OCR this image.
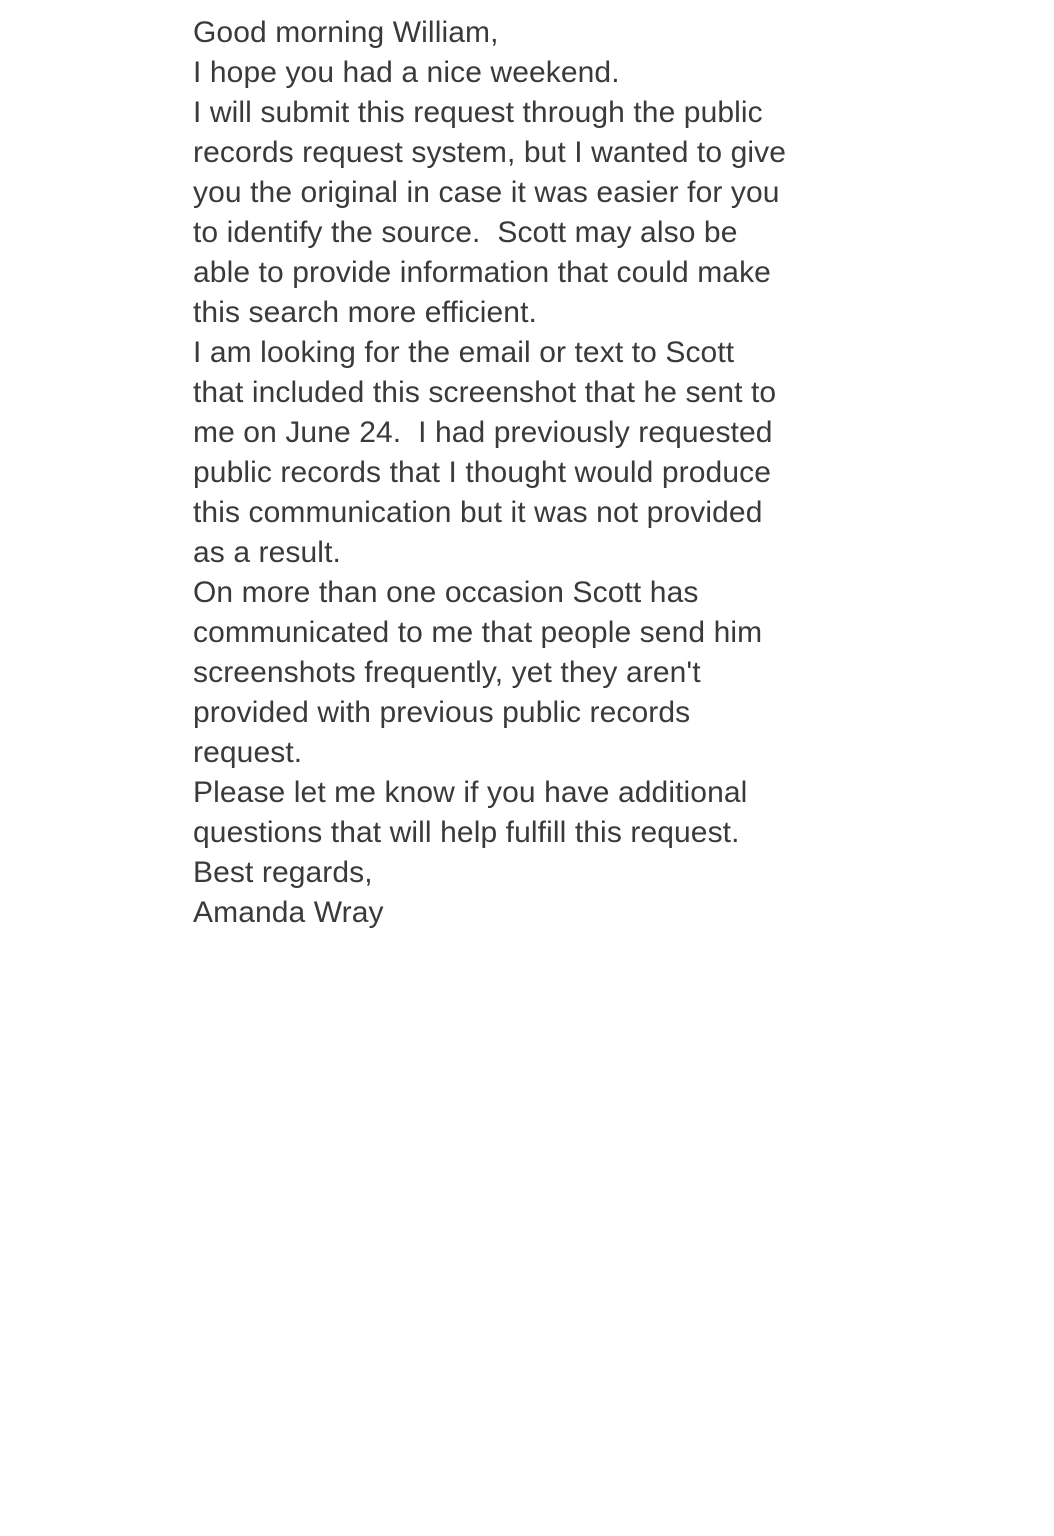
Good morning William,

I hope you had a nice weekend.

I will submit this request through the public
records request system, but I wanted to give
you the original in case it was easier for you
to identify the source.  Scott may also be
able to provide information that could make
this search more efficient.

I am looking for the email or text to Scott
that included this screenshot that he sent to
me on June 24.  I had previously requested
public records that I thought would produce
this communication but it was not provided
as a result.

On more than one occasion Scott has
communicated to me that people send him
screenshots frequently, yet they aren't
provided with previous public records
request.

Please let me know if you have additional
questions that will help fulfill this request.

Best regards,

Amanda Wray
